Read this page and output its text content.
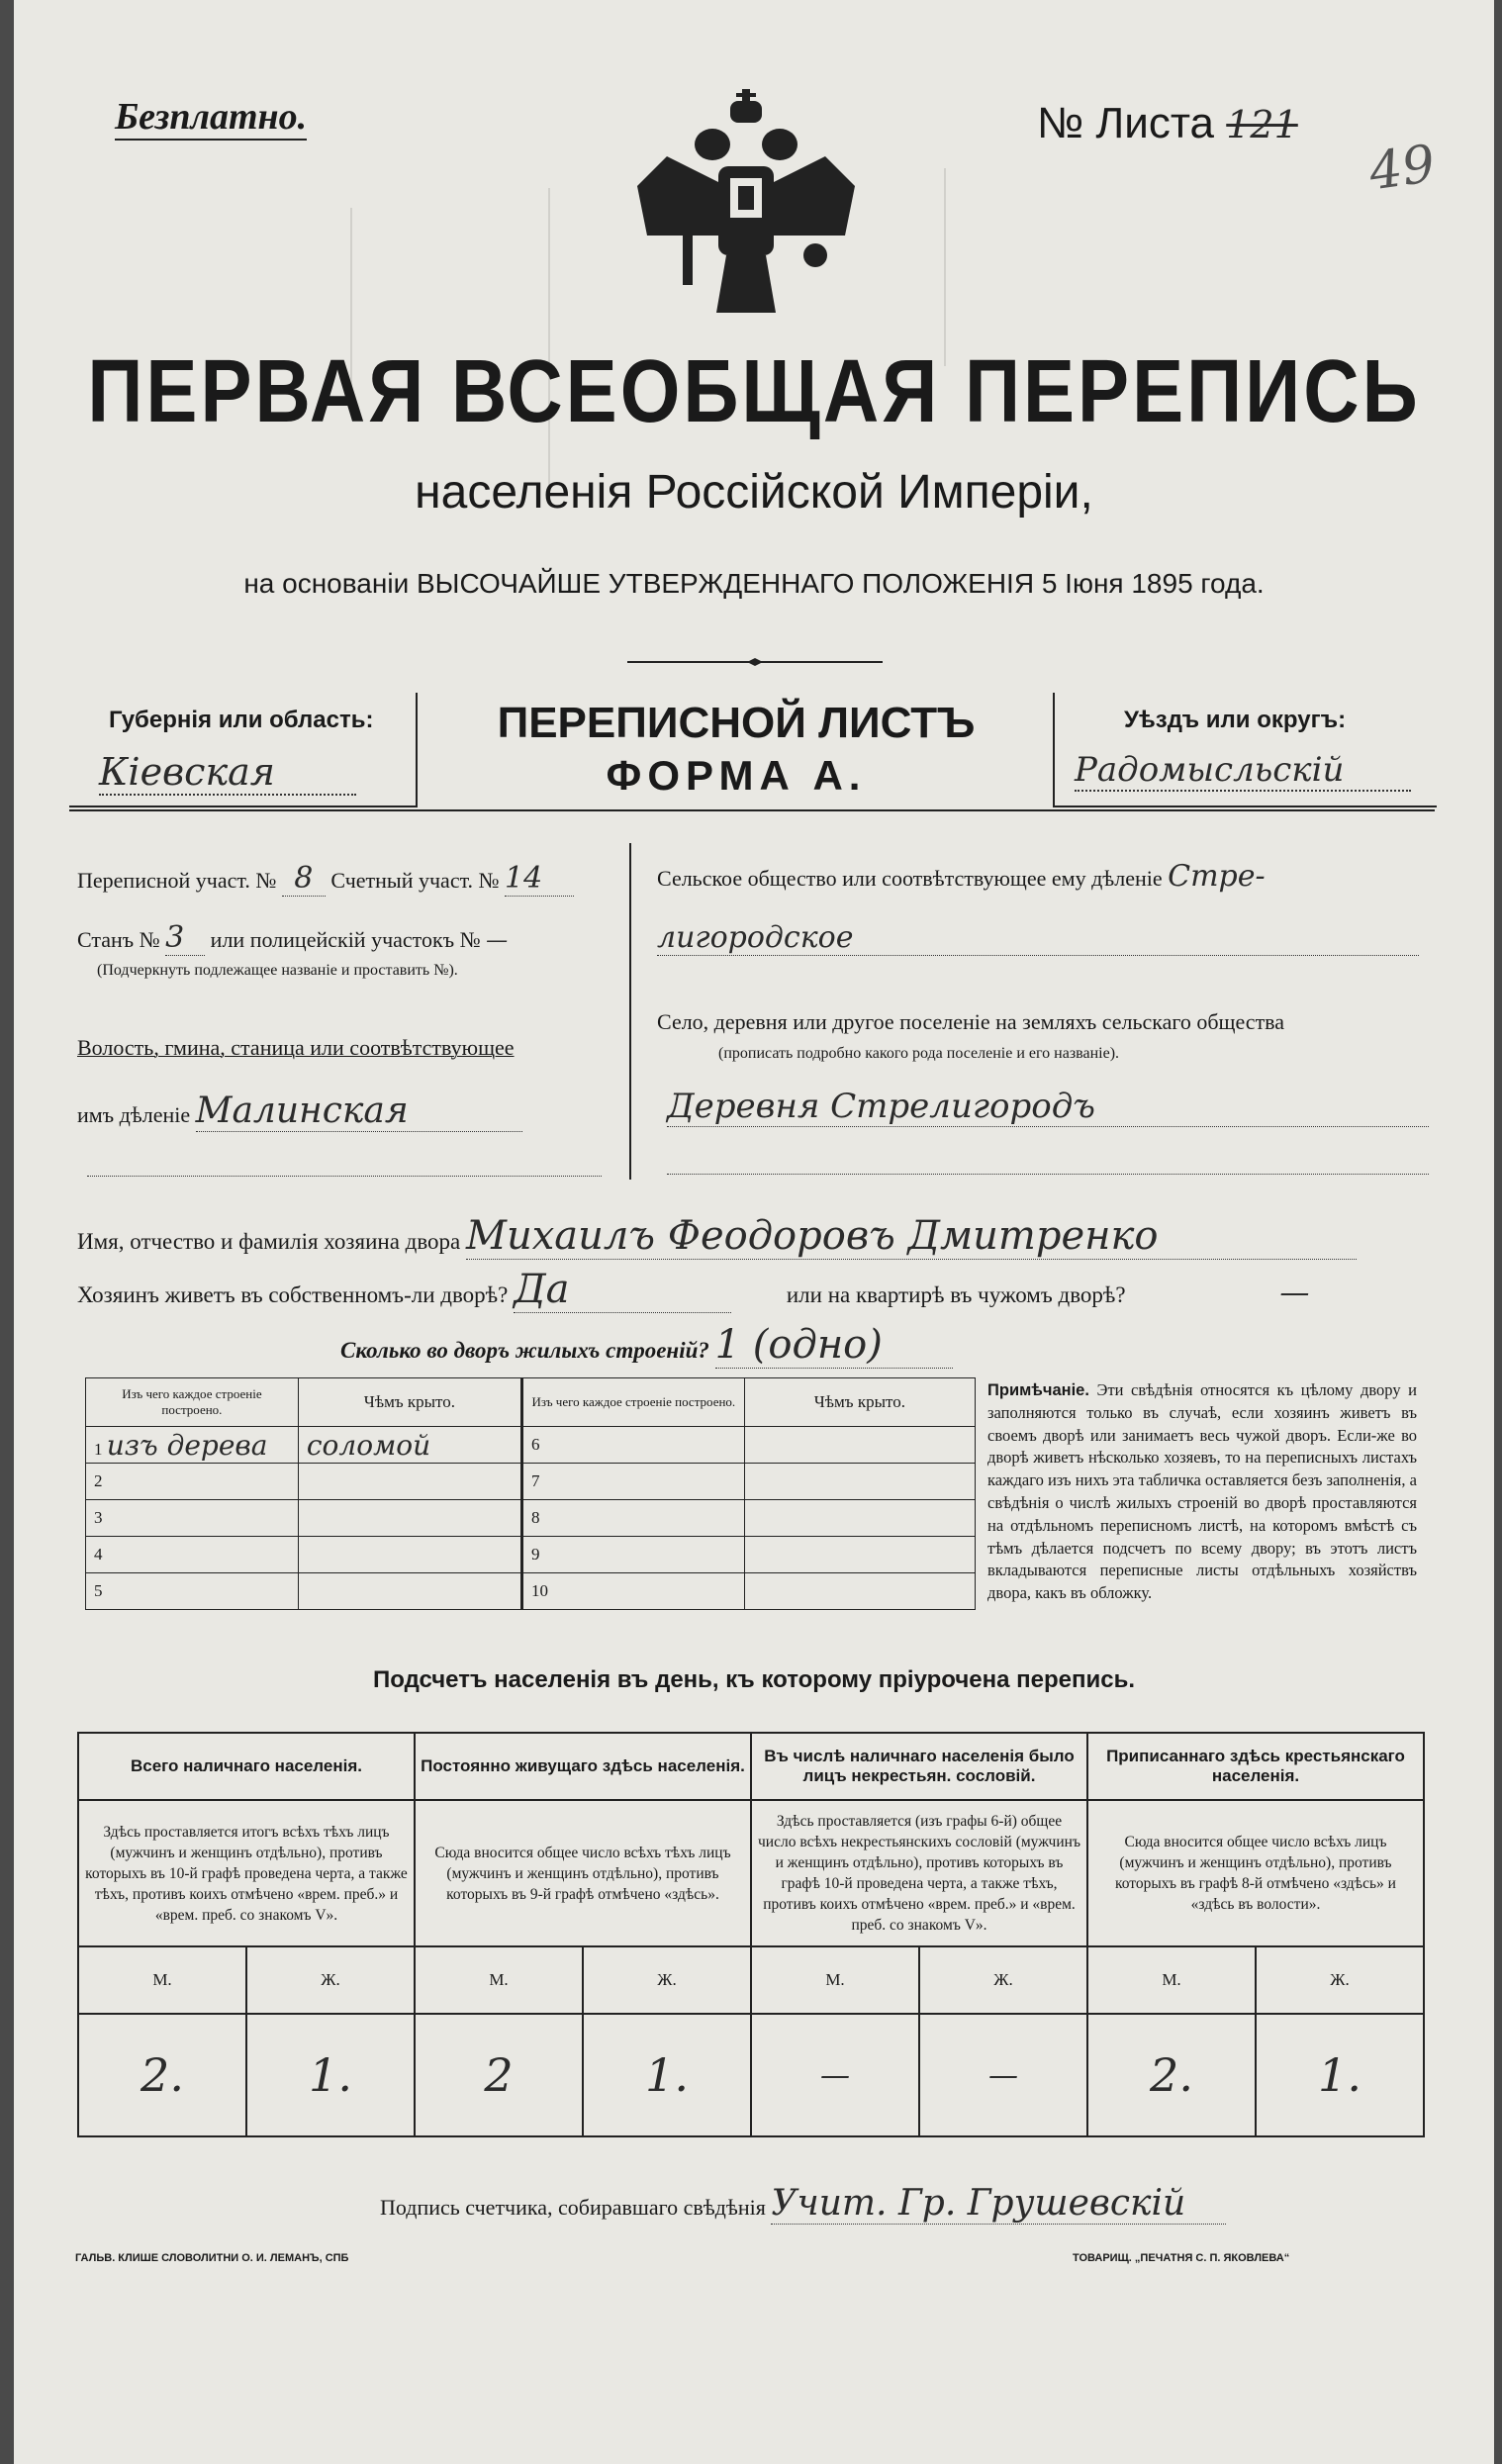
Безплатно.	№ Листа 121
49
ПЕРВАЯ ВСЕОБЩАЯ ПЕРЕПИСЬ
населенія Россійской Имперіи,
на основаніи ВЫСОЧАЙШЕ УТВЕРЖДЕННАГО ПОЛОЖЕНІЯ 5 Іюня 1895 года.
Губернія или область:
Кіевская
ПЕРЕПИСНОЙ ЛИСТЪ
ФОРМА А.
Уѣздъ или округъ:
Радомысльскій
Переписной участ. № 8 Счетный участ. № 14
Станъ № 3 или полицейскій участокъ № —
(Подчеркнуть подлежащее названіе и проставить №).
Волость, гмина, станица или соотвѣтствующее
имъ дѣленіе Малинская
Сельское общество или соотвѣтствующее ему дѣленіе Стре-
лигородское
Село, деревня или другое поселеніе на земляхъ сельскаго общества
(прописать подробно какого рода поселеніе и его названіе).
Деревня Стрелигородъ
Имя, отчество и фамилія хозяина двора Михаилъ Феодоровъ Дмитренко
Хозяинъ живетъ въ собственномъ-ли дворѣ? Да	или на квартирѣ въ чужомъ дворѣ?	—
Сколько во дворъ жилыхъ строеній? 1 (одно)
Изъ чего каждое строеніе построено.	Чѣмъ крыто.	Изъ чего каждое строеніе построено.	Чѣмъ крыто.
1 изъ дерева	соломой	6	
2		7	
3		8	
4		9	
5		10	
Примѣчаніе. Эти свѣдѣнія относятся къ цѣлому двору и заполняются только въ случаѣ, если хозяинъ живетъ въ своемъ дворѣ или занимаетъ весь чужой дворъ. Если-же во дворѣ живетъ нѣсколько хозяевъ, то на переписныхъ листахъ каждаго изъ нихъ эта табличка оставляется безъ заполненія, а свѣдѣнія о числѣ жилыхъ строеній во дворѣ проставляются на отдѣльномъ переписномъ листѣ, на которомъ вмѣстѣ съ тѣмъ дѣлается подсчетъ по всему двору; въ этотъ листъ вкладываются переписные листы отдѣльныхъ хозяйствъ двора, какъ въ обложку.
Подсчетъ населенія въ день, къ которому пріурочена перепись.
Всего наличнаго населенія.		Постоянно живущаго здѣсь населенія.		Въ числѣ наличнаго населенія было лицъ некрестьян. сословій.		Приписаннаго здѣсь крестьянскаго населенія.	
Здѣсь проставляется итогъ всѣхъ тѣхъ лицъ (мужчинъ и женщинъ отдѣльно), противъ которыхъ въ 10-й графѣ проведена черта, а также тѣхъ, противъ коихъ отмѣчено «врем. преб.» и «врем. преб. со знакомъ V».		Сюда вносится общее число всѣхъ тѣхъ лицъ (мужчинъ и женщинъ отдѣльно), противъ которыхъ въ 9-й графѣ отмѣчено «здѣсь».		Здѣсь проставляется (изъ графы 6-й) общее число всѣхъ некрестьянскихъ сословій (мужчинъ и женщинъ отдѣльно), противъ которыхъ въ графѣ 10-й проведена черта, а также тѣхъ, противъ коихъ отмѣчено «врем. преб.» и «врем. преб. со знакомъ V».		Сюда вносится общее число всѣхъ лицъ (мужчинъ и женщинъ отдѣльно), противъ которыхъ въ графѣ 8-й отмѣчено «здѣсь» и «здѣсь въ волости».	
М.	Ж.	М.	Ж.	М.	Ж.	М.	Ж.
2.	1.	2	1.	—	—	2.	1.
Подпись счетчика, собиравшаго свѣдѣнія Учит. Гр. Грушевскій
ГАЛЬВ. КЛИШЕ СЛОВОЛИТНИ О. И. ЛЕМАНЪ, СПБ	ТОВАРИЩ. „ПЕЧАТНЯ С. П. ЯКОВЛЕВА“
